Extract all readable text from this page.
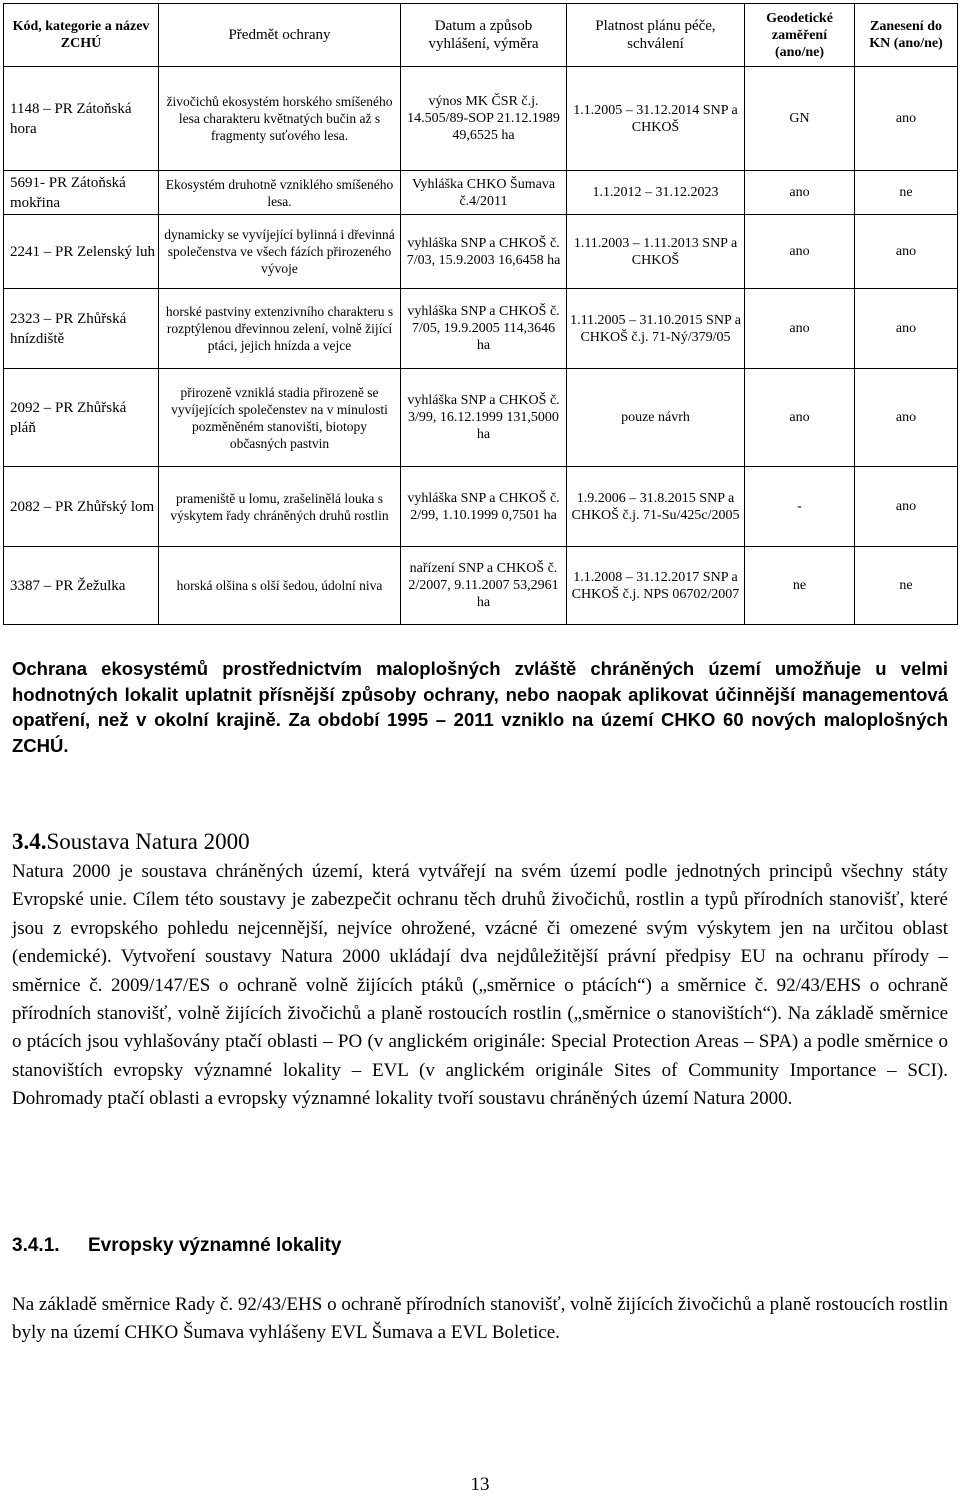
Kód, kategorie a název ZCHÚ	Předmět ochrany	Datum a způsob vyhlášení, výměra	Platnost plánu péče, schválení	Geodetické zaměření (ano/ne)	Zanesení do KN (ano/ne)
1148 – PR Zátoňská hora	živočichů ekosystém horského smíšeného lesa charakteru květnatých bučin až s fragmenty suťového lesa.	výnos MK ČSR č.j. 14.505/89-SOP 21.12.1989 49,6525 ha	1.1.2005 – 31.12.2014 SNP a CHKOŠ	GN	ano
5691- PR Zátoňská mokřina	Ekosystém druhotně vzniklého smíšeného lesa.	Vyhláška CHKO Šumava č.4/2011	1.1.2012 – 31.12.2023	ano	ne
2241 – PR Zelenský luh	dynamicky se vyvíjející bylinná i dřevinná společenstva ve všech fázích přirozeného vývoje	vyhláška SNP a CHKOŠ č. 7/03, 15.9.2003 16,6458 ha	1.11.2003 – 1.11.2013 SNP a CHKOŠ	ano	ano
2323 – PR Zhůřská hnízdiště	horské pastviny extenzivního charakteru s rozptýlenou dřevinnou zelení, volně žijící ptáci, jejich hnízda a vejce	vyhláška SNP a CHKOŠ č. 7/05, 19.9.2005 114,3646 ha	1.11.2005 – 31.10.2015 SNP a CHKOŠ č.j. 71-Ný/379/05	ano	ano
2092 – PR Zhůřská pláň	přirozeně vzniklá stadia přirozeně se vyvíjejících společenstev na v minulosti pozměněném stanovišti, biotopy občasných pastvin	vyhláška SNP a CHKOŠ č. 3/99, 16.12.1999 131,5000 ha	pouze návrh	ano	ano
2082 – PR Zhůřský lom	prameniště u lomu, zrašelinělá louka s výskytem řady chráněných druhů rostlin	vyhláška SNP a CHKOŠ č. 2/99, 1.10.1999 0,7501 ha	1.9.2006 – 31.8.2015 SNP a CHKOŠ č.j. 71-Su/425c/2005	-	ano
3387 – PR Žežulka	horská olšina s olší šedou, údolní niva	nařízení SNP a CHKOŠ č. 2/2007, 9.11.2007 53,2961 ha	1.1.2008 – 31.12.2017 SNP a CHKOŠ č.j. NPS 06702/2007	ne	ne
Ochrana ekosystémů prostřednictvím maloplošných zvláště chráněných území umožňuje u velmi hodnotných lokalit uplatnit přísnější způsoby ochrany, nebo naopak aplikovat účinnější managementová opatření, než v okolní krajině. Za období 1995 – 2011 vzniklo na území CHKO 60 nových maloplošných ZCHÚ.
3.4.Soustava Natura 2000
Natura 2000 je soustava chráněných území, která vytvářejí na svém území podle jednotných principů všechny státy Evropské unie. Cílem této soustavy je zabezpečit ochranu těch druhů živočichů, rostlin a typů přírodních stanovišť, které jsou z evropského pohledu nejcennější, nejvíce ohrožené, vzácné či omezené svým výskytem jen na určitou oblast (endemické). Vytvoření soustavy Natura 2000 ukládají dva nejdůležitější právní předpisy EU na ochranu přírody – směrnice č. 2009/147/ES o ochraně volně žijících ptáků („směrnice o ptácích“) a směrnice č. 92/43/EHS o ochraně přírodních stanovišť, volně žijících živočichů a planě rostoucích rostlin („směrnice o stanovištích“). Na základě směrnice o ptácích jsou vyhlašovány ptačí oblasti – PO (v anglickém originále: Special Protection Areas – SPA) a podle směrnice o stanovištích evropsky významné lokality – EVL (v anglickém originále Sites of Community Importance – SCI). Dohromady ptačí oblasti a evropsky významné lokality tvoří soustavu chráněných území Natura 2000.
3.4.1. Evropsky významné lokality
Na základě směrnice Rady č. 92/43/EHS o ochraně přírodních stanovišť, volně žijících živočichů a planě rostoucích rostlin byly na území CHKO Šumava vyhlášeny EVL Šumava a EVL Boletice.
13
